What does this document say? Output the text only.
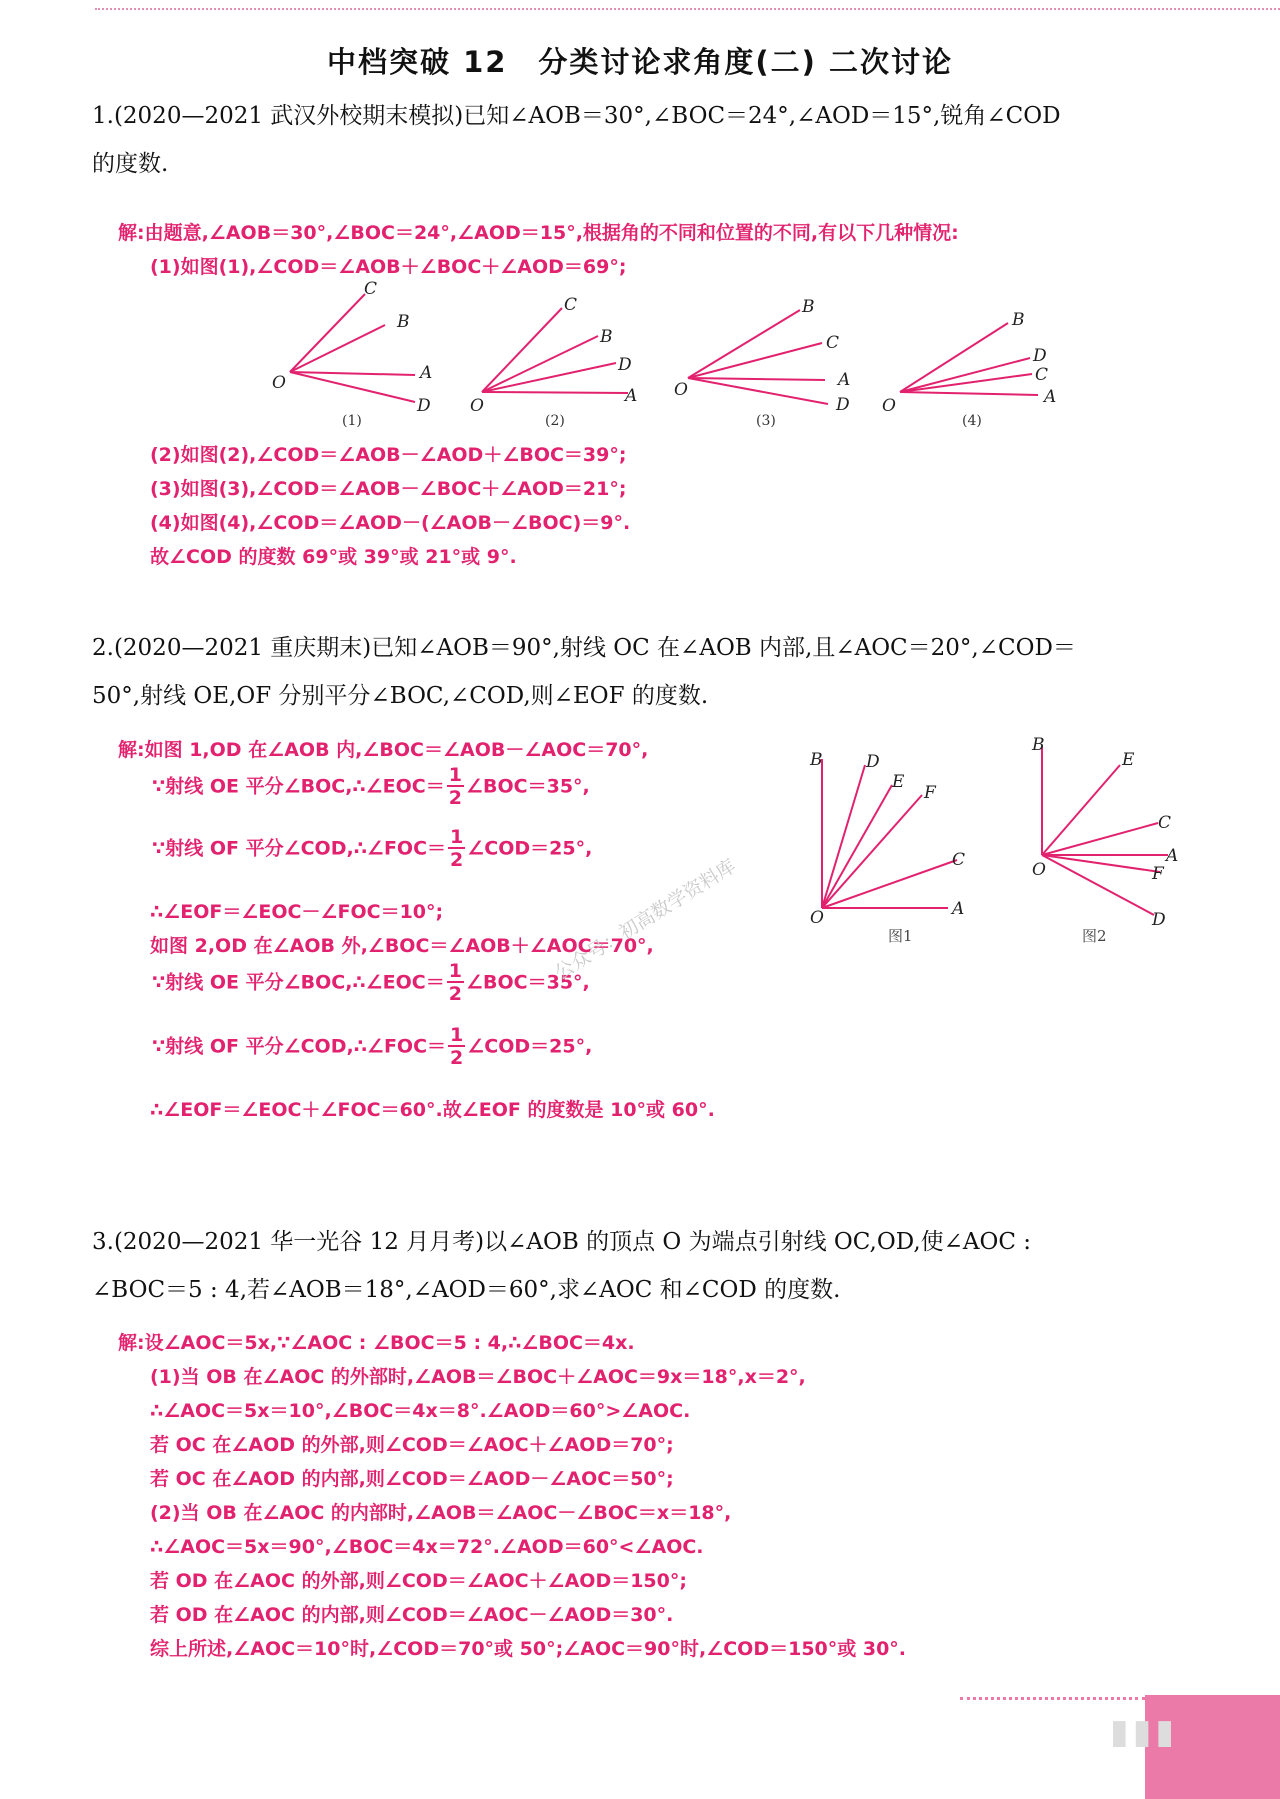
中档突破 12　分类讨论求角度(二) 二次讨论
1.(2020—2021 武汉外校期末模拟)已知∠AOB＝30°,∠BOC＝24°,∠AOD＝15°,锐角∠COD
的度数.
解:由题意,∠AOB＝30°,∠BOC＝24°,∠AOD＝15°,根据角的不同和位置的不同,有以下几种情况:
(1)如图(1),∠COD＝∠AOB＋∠BOC＋∠AOD＝69°;
(2)如图(2),∠COD＝∠AOB－∠AOD＋∠BOC＝39°;
(3)如图(3),∠COD＝∠AOB－∠BOC＋∠AOD＝21°;
(4)如图(4),∠COD＝∠AOD－(∠AOB－∠BOC)＝9°.
故∠COD 的度数 69°或 39°或 21°或 9°.
O
C
B
A
D O
C
B
D
A O
B
C
A
D O
B
D
C
A
(1)	(2)	(3)	(4)
2.(2020—2021 重庆期末)已知∠AOB＝90°,射线 OC 在∠AOB 内部,且∠AOC＝20°,∠COD＝
50°,射线 OE,OF 分别平分∠BOC,∠COD,则∠EOF 的度数.
解:如图 1,OD 在∠AOB 内,∠BOC＝∠AOB－∠AOC＝70°,
∵射线 OE 平分∠BOC,∴∠EOC＝ $\frac{1}{2}$ ∠BOC＝35°,
∵射线 OF 平分∠COD,∴∠FOC＝ $\frac{1}{2}$ ∠COD＝25°,
∴∠EOF＝∠EOC－∠FOC＝10°;
如图 2,OD 在∠AOB 外,∠BOC＝∠AOB＋∠AOC＝70°,
∵射线 OE 平分∠BOC,∴∠EOC＝ $\frac{1}{2}$ ∠BOC＝35°,
∵射线 OF 平分∠COD,∴∠FOC＝ $\frac{1}{2}$ ∠COD＝25°,
∴∠EOF＝∠EOC＋∠FOC＝60°.故∠EOF 的度数是 10°或 60°.
O	A
B	D
E
F
C	O
B
E
C
A
F
D
图1	图2
公众号：初高数学资料库
3.(2020—2021 华一光谷 12 月月考)以∠AOB 的顶点 O 为端点引射线 OC,OD,使∠AOC :
∠BOC＝5 : 4,若∠AOB＝18°,∠AOD＝60°,求∠AOC 和∠COD 的度数.
解:设∠AOC＝5x,∵∠AOC : ∠BOC＝5 : 4,∴∠BOC＝4x.
(1)当 OB 在∠AOC 的外部时,∠AOB＝∠BOC＋∠AOC＝9x＝18°,x＝2°,
∴∠AOC＝5x＝10°,∠BOC＝4x＝8°.∠AOD＝60°>∠AOC.
若 OC 在∠AOD 的外部,则∠COD＝∠AOC＋∠AOD＝70°;
若 OC 在∠AOD 的内部,则∠COD＝∠AOD－∠AOC＝50°;
(2)当 OB 在∠AOC 的内部时,∠AOB＝∠AOC－∠BOC＝x＝18°,
∴∠AOC＝5x＝90°,∠BOC＝4x＝72°.∠AOD＝60°<∠AOC.
若 OD 在∠AOC 的外部,则∠COD＝∠AOC＋∠AOD＝150°;
若 OD 在∠AOC 的内部,则∠COD＝∠AOC－∠AOD＝30°.
综上所述,∠AOC＝10°时,∠COD＝70°或 50°;∠AOC＝90°时,∠COD＝150°或 30°.
▮▮▮
